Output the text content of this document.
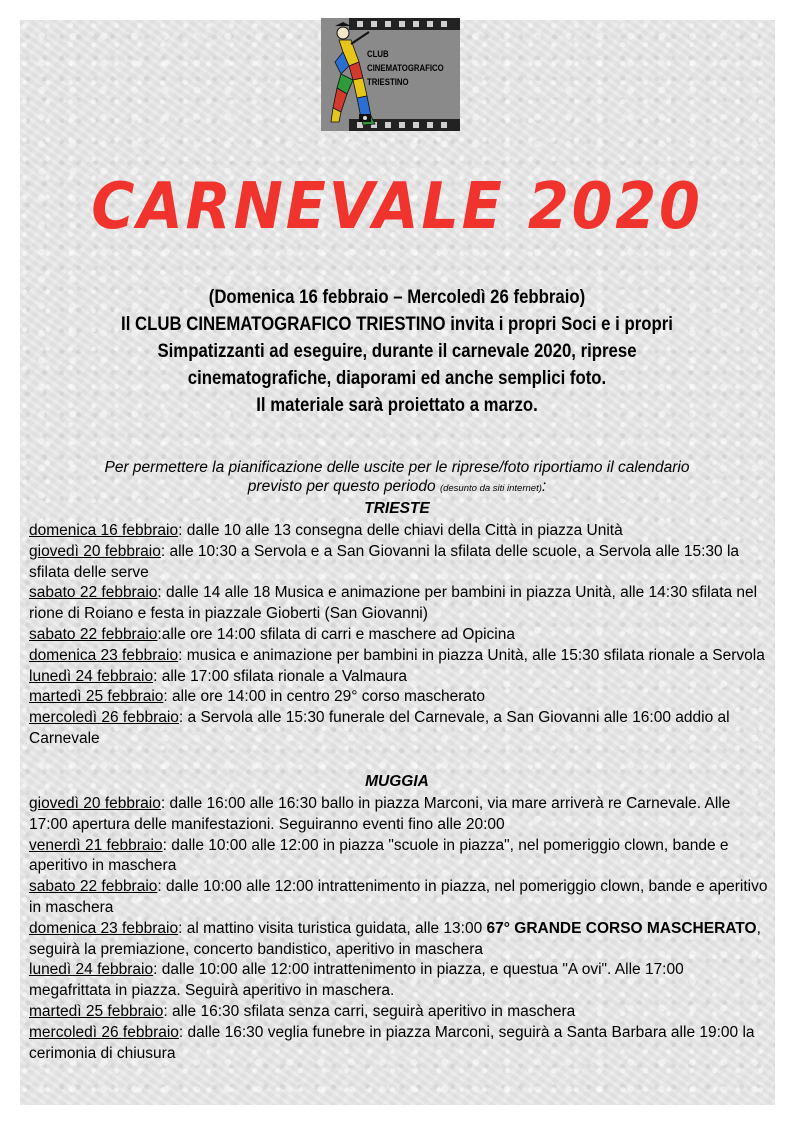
CLUB
CINEMATOGRAFICO
TRIESTINO
CARNEVALE 2020
(Domenica 16 febbraio – Mercoledì 26 febbraio)
Il CLUB CINEMATOGRAFICO TRIESTINO invita i propri Soci e i propri
Simpatizzanti ad eseguire, durante il carnevale 2020, riprese
cinematografiche, diaporami ed anche semplici foto.
Il materiale sarà proiettato a marzo.
Per permettere la pianificazione delle uscite per le riprese/foto riportiamo il calendario
previsto per questo periodo (desunto da siti internet):
TRIESTE

domenica 16 febbraio: dalle 10 alle 13 consegna delle chiavi della Città in piazza Unità

giovedì 20 febbraio: alle 10:30 a Servola e a San Giovanni la sfilata delle scuole, a Servola alle 15:30 la sfilata delle serve

sabato 22 febbraio: dalle 14 alle 18 Musica e animazione per bambini in piazza Unità, alle 14:30 sfilata nel rione di Roiano e festa in piazzale Gioberti (San Giovanni)

sabato 22 febbraio:alle ore 14:00 sfilata di carri e maschere ad Opicina

domenica 23 febbraio: musica e animazione per bambini in piazza Unità, alle 15:30 sfilata rionale a Servola

lunedì 24 febbraio: alle 17:00 sfilata rionale a Valmaura

martedì 25 febbraio: alle ore 14:00 in centro 29° corso mascherato

mercoledì 26 febbraio: a Servola alle 15:30 funerale del Carnevale, a San Giovanni alle 16:00 addio al Carnevale

MUGGIA

giovedì 20 febbraio: dalle 16:00 alle 16:30 ballo in piazza Marconi, via mare arriverà re Carnevale. Alle 17:00 apertura delle manifestazioni. Seguiranno eventi fino alle 20:00

venerdì 21 febbraio: dalle 10:00 alle 12:00 in piazza "scuole in piazza", nel pomeriggio clown, bande e aperitivo in maschera

sabato 22 febbraio: dalle 10:00 alle 12:00 intrattenimento in piazza, nel pomeriggio clown, bande e aperitivo in maschera

domenica 23 febbraio: al mattino visita turistica guidata, alle 13:00 67° GRANDE CORSO MASCHERATO, seguirà la premiazione, concerto bandistico, aperitivo in maschera

lunedì 24 febbraio: dalle 10:00 alle 12:00 intrattenimento in piazza, e questua "A ovi". Alle 17:00 megafrittata in piazza. Seguirà aperitivo in maschera.

martedì 25 febbraio: alle 16:30 sfilata senza carri, seguirà aperitivo in maschera

mercoledì 26 febbraio: dalle 16:30 veglia funebre in piazza Marconi, seguirà a Santa Barbara alle 19:00 la cerimonia di chiusura
